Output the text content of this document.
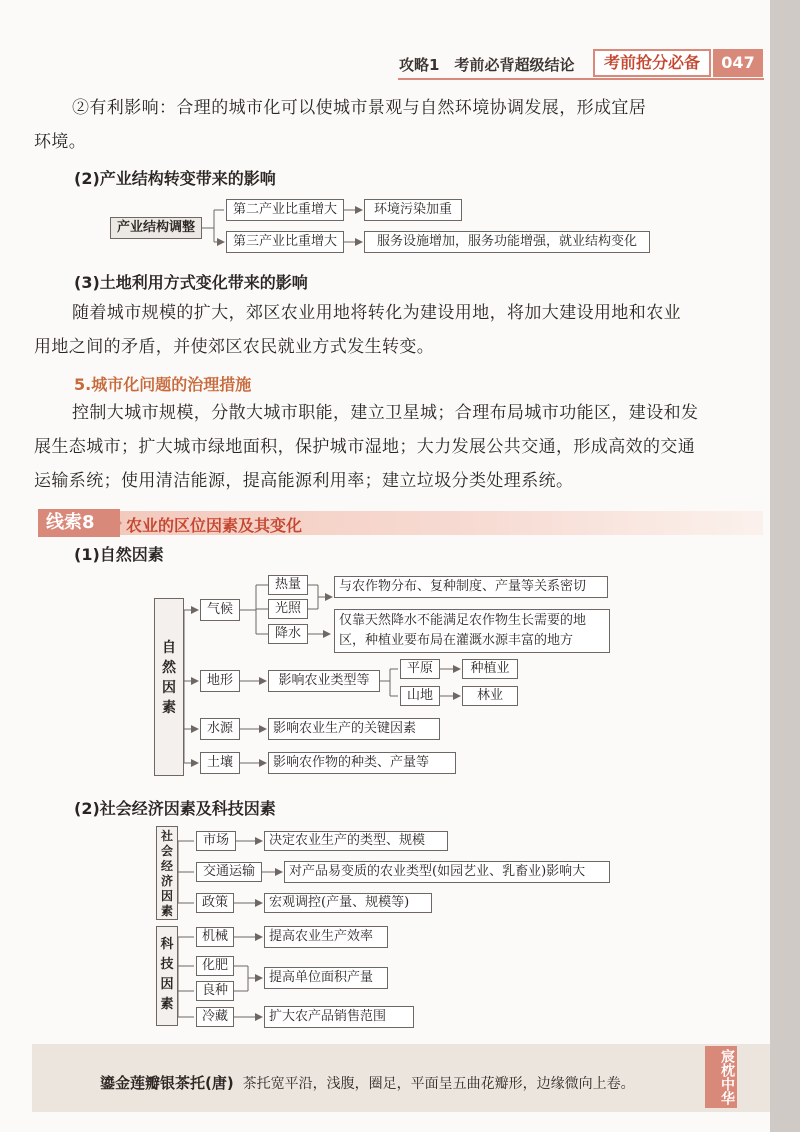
攻略1　考前必背超级结论	考前抢分必备	047
②有利影响：合理的城市化可以使城市景观与自然环境协调发展，形成宜居
环境。
(2)产业结构转变带来的影响
产业结构调整
第二产业比重增大	环境污染加重
第三产业比重增大	服务设施增加，服务功能增强，就业结构变化
(3)土地利用方式变化带来的影响
随着城市规模的扩大，郊区农业用地将转化为建设用地，将加大建设用地和农业
用地之间的矛盾，并使郊区农民就业方式发生转变。
5.城市化问题的治理措施
控制大城市规模，分散大城市职能，建立卫星城；合理布局城市功能区，建设和发
展生态城市；扩大城市绿地面积，保护城市湿地；大力发展公共交通，形成高效的交通
运输系统；使用清洁能源，提高能源利用率；建立垃圾分类处理系统。
线索8	农业的区位因素及其变化
(1)自然因素
自
然
因
素
气候
热量
光照
降水
与农作物分布、复种制度、产量等关系密切
仅靠天然降水不能满足农作物生长需要的地
区，种植业要布局在灌溉水源丰富的地方
地形	影响农业类型等
平原	种植业
山地	林业
水源	影响农业生产的关键因素
土壤	影响农作物的种类、产量等
(2)社会经济因素及科技因素
社
会
经
济
因
素
市场	决定农业生产的类型、规模
交通运输	对产品易变质的农业类型(如园艺业、乳畜业)影响大
政策	宏观调控(产量、规模等)
科
技
因
素
机械	提高农业生产效率
化肥
良种
提高单位面积产量
冷藏	扩大农产品销售范围
鎏金莲瓣银茶托(唐) 茶托宽平沿，浅腹，圈足，平面呈五曲花瓣形，边缘微向上卷。	宸枕中华
